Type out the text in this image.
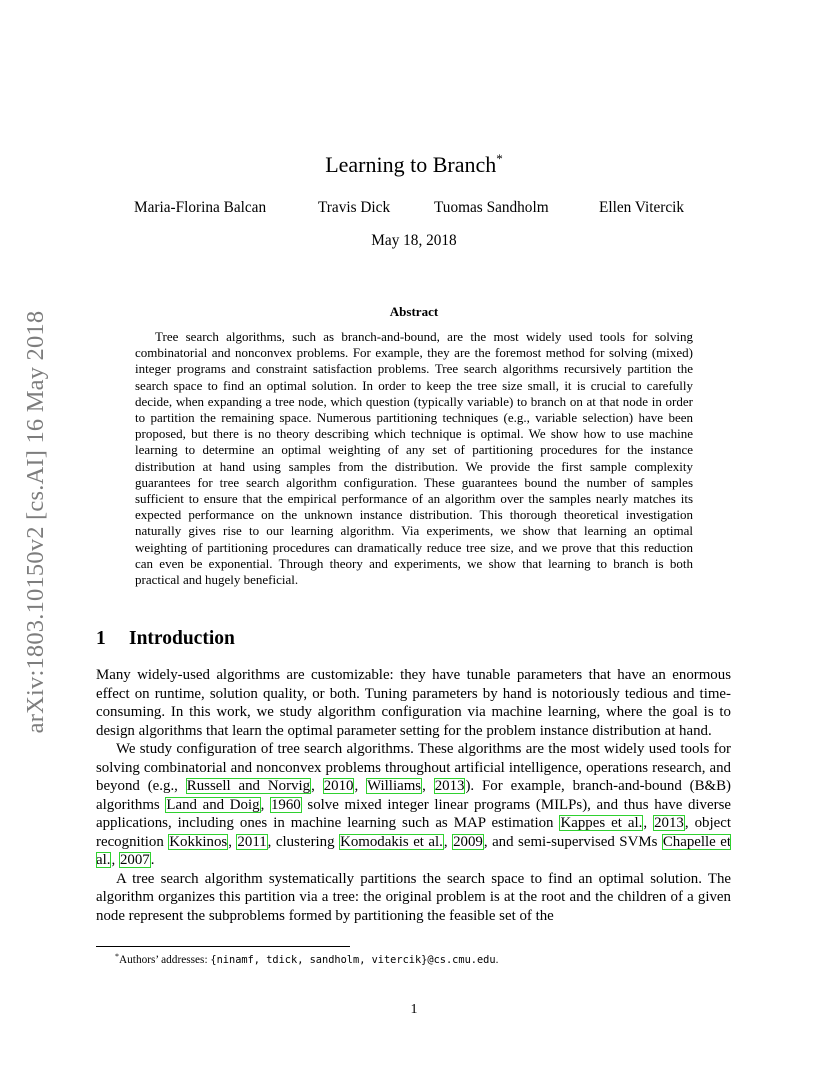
arXiv:1803.10150v2 [cs.AI] 16 May 2018
Learning to Branch*
Maria-Florina Balcan	Travis Dick	Tuomas Sandholm	Ellen Vitercik
May 18, 2018
Abstract

Tree search algorithms, such as branch-and-bound, are the most widely used tools for solving combinatorial and nonconvex problems. For example, they are the foremost method for solving (mixed) integer programs and constraint satisfaction problems. Tree search algorithms recursively partition the search space to find an optimal solution. In order to keep the tree size small, it is crucial to carefully decide, when expanding a tree node, which question (typically variable) to branch on at that node in order to partition the remaining space. Numerous partitioning techniques (e.g., variable selection) have been proposed, but there is no theory describing which technique is optimal. We show how to use machine learning to determine an optimal weighting of any set of partitioning procedures for the instance distribution at hand using samples from the distribution. We provide the first sample complexity guarantees for tree search algorithm configuration. These guarantees bound the number of samples sufficient to ensure that the empirical performance of an algorithm over the samples nearly matches its expected performance on the unknown instance distribution. This thorough theoretical investigation naturally gives rise to our learning algorithm. Via experiments, we show that learning an optimal weighting of partitioning procedures can dramatically reduce tree size, and we prove that this reduction can even be exponential. Through theory and experiments, we show that learning to branch is both practical and hugely beneficial.

1 Introduction

Many widely-used algorithms are customizable: they have tunable parameters that have an enormous effect on runtime, solution quality, or both. Tuning parameters by hand is notoriously tedious and time-consuming. In this work, we study algorithm configuration via machine learning, where the goal is to design algorithms that learn the optimal parameter setting for the problem instance distribution at hand.

We study configuration of tree search algorithms. These algorithms are the most widely used tools for solving combinatorial and nonconvex problems throughout artificial intelligence, operations research, and beyond (e.g., Russell and Norvig, 2010, Williams, 2013). For example, branch-and-bound (B&B) algorithms Land and Doig, 1960 solve mixed integer linear programs (MILPs), and thus have diverse applications, including ones in machine learning such as MAP estimation Kappes et al., 2013, object recognition Kokkinos, 2011, clustering Komodakis et al., 2009, and semi-supervised SVMs Chapelle et al., 2007.

A tree search algorithm systematically partitions the search space to find an optimal solution. The algorithm organizes this partition via a tree: the original problem is at the root and the children of a given node represent the subproblems formed by partitioning the feasible set of the

*Authors’ addresses: {ninamf, tdick, sandholm, vitercik}@cs.cmu.edu.
1
